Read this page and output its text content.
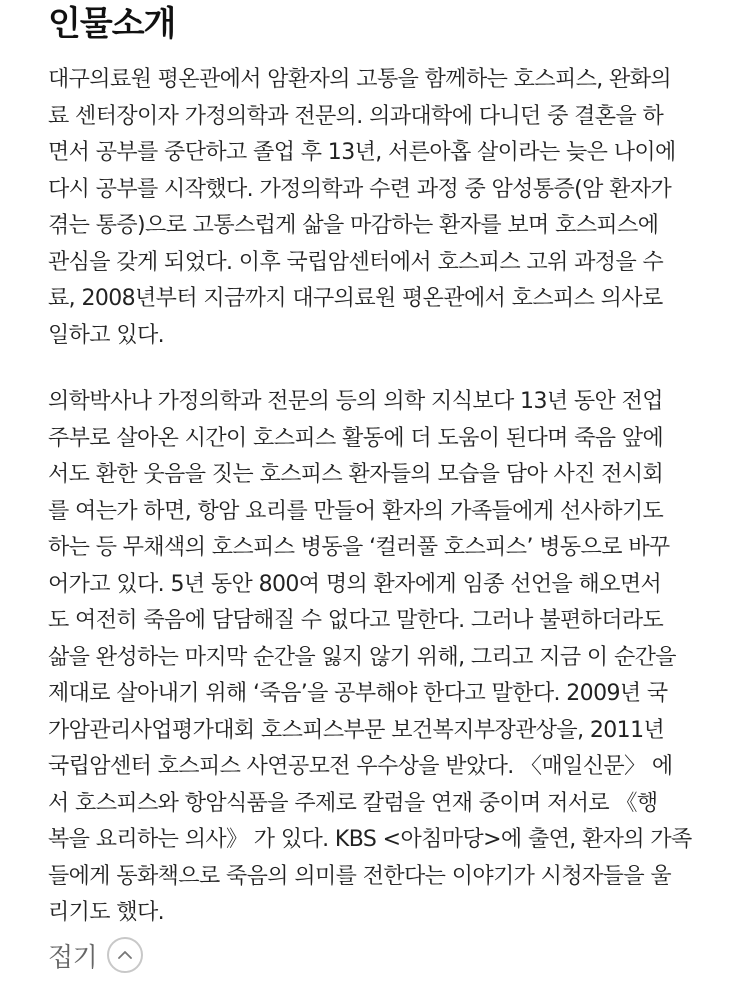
인물소개

대구의료원 평온관에서 암환자의 고통을 함께하는 호스피스, 완화의
료 센터장이자 가정의학과 전문의. 의과대학에 다니던 중 결혼을 하
면서 공부를 중단하고 졸업 후 13년, 서른아홉 살이라는 늦은 나이에
다시 공부를 시작했다. 가정의학과 수련 과정 중 암성통증(암 환자가
겪는 통증)으로 고통스럽게 삶을 마감하는 환자를 보며 호스피스에
관심을 갖게 되었다. 이후 국립암센터에서 호스피스 고위 과정을 수
료, 2008년부터 지금까지 대구의료원 평온관에서 호스피스 의사로
일하고 있다.

의학박사나 가정의학과 전문의 등의 의학 지식보다 13년 동안 전업
주부로 살아온 시간이 호스피스 활동에 더 도움이 된다며 죽음 앞에
서도 환한 웃음을 짓는 호스피스 환자들의 모습을 담아 사진 전시회
를 여는가 하면, 항암 요리를 만들어 환자의 가족들에게 선사하기도
하는 등 무채색의 호스피스 병동을 ‘컬러풀 호스피스’ 병동으로 바꾸
어가고 있다. 5년 동안 800여 명의 환자에게 임종 선언을 해오면서
도 여전히 죽음에 담담해질 수 없다고 말한다. 그러나 불편하더라도
삶을 완성하는 마지막 순간을 잃지 않기 위해, 그리고 지금 이 순간을
제대로 살아내기 위해 ‘죽음’을 공부해야 한다고 말한다. 2009년 국
가암관리사업평가대회 호스피스부문 보건복지부장관상을, 2011년
국립암센터 호스피스 사연공모전 우수상을 받았다. 〈매일신문〉 에
서 호스피스와 항암식품을 주제로 칼럼을 연재 중이며 저서로 《행
복을 요리하는 의사》 가 있다. KBS <아침마당>에 출연, 환자의 가족
들에게 동화책으로 죽음의 의미를 전한다는 이야기가 시청자들을 울
리기도 했다.

접기
